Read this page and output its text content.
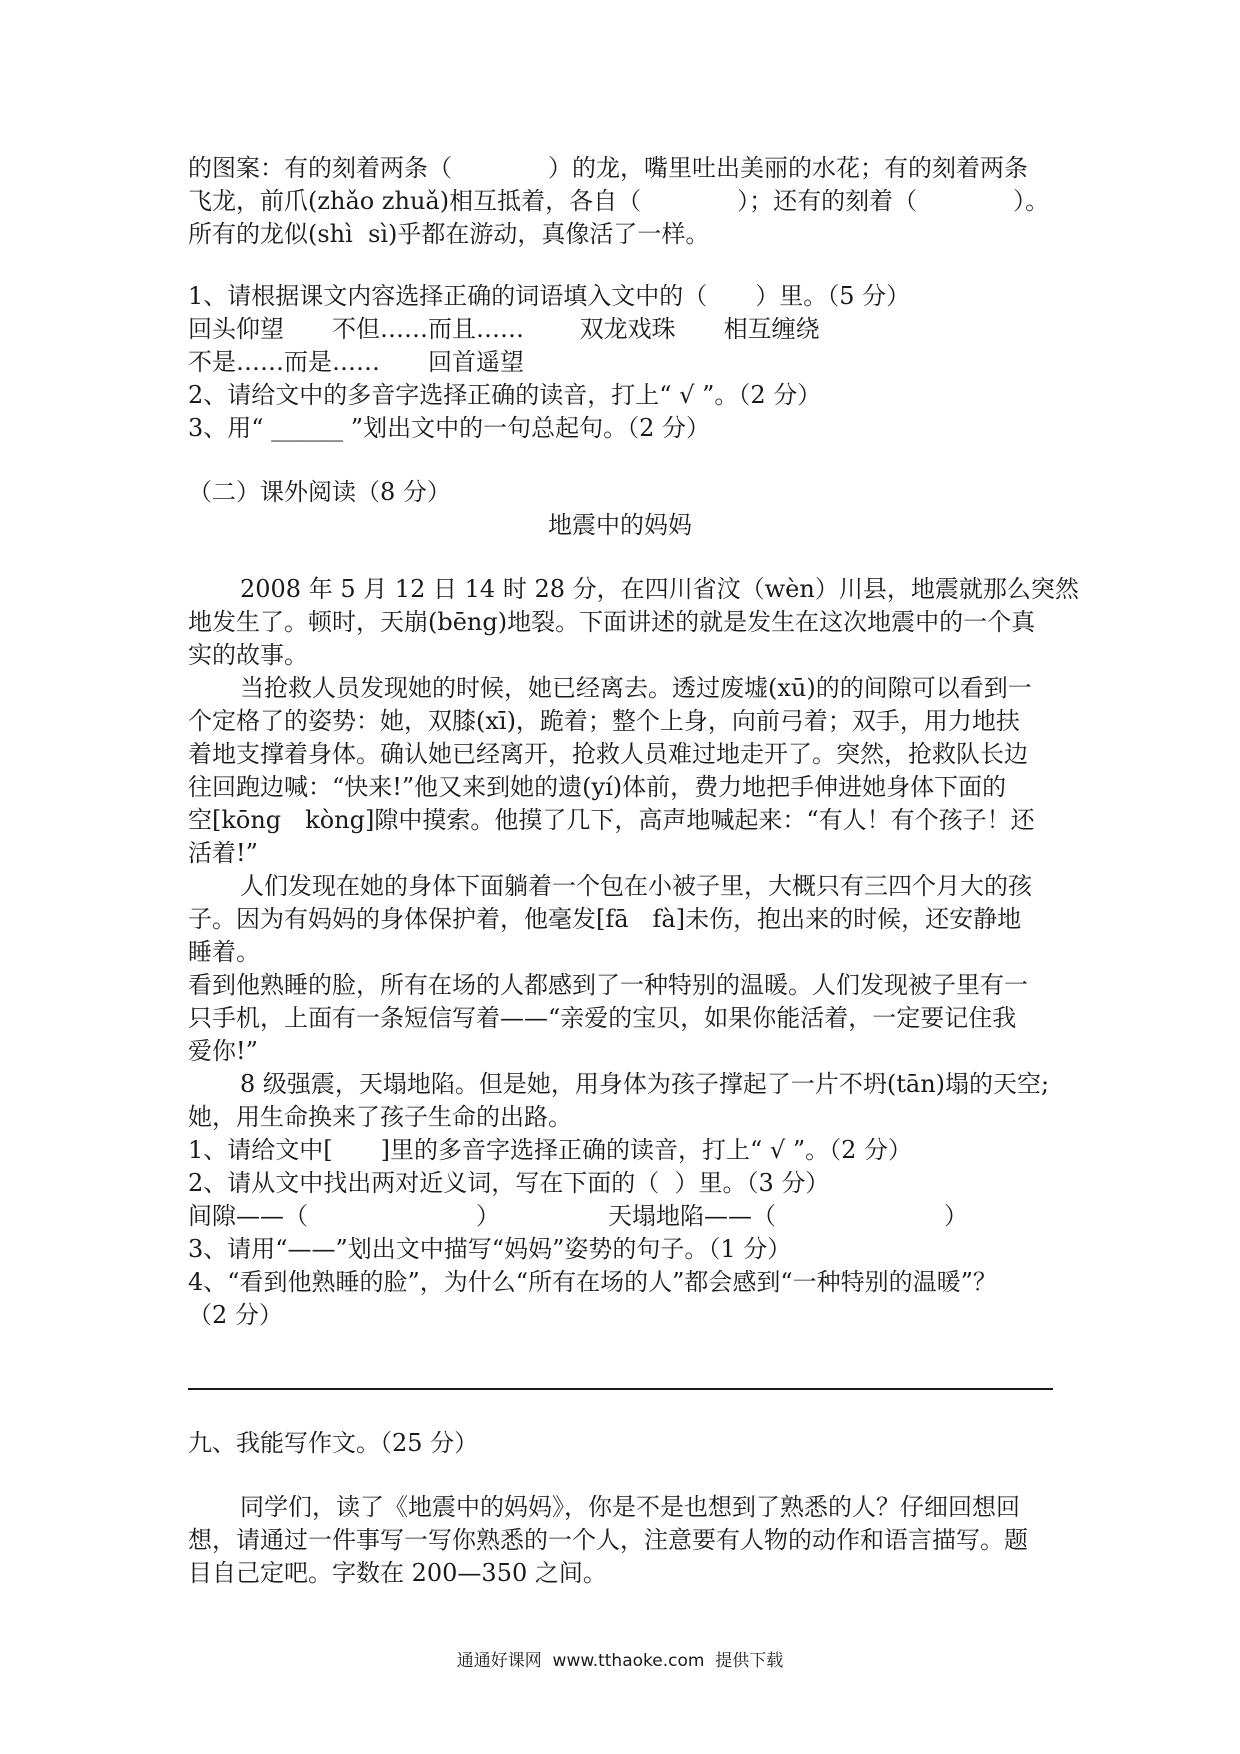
的图案：有的刻着两条（　　　　）的龙，嘴里吐出美丽的水花；有的刻着两条
飞龙，前爪(zhǎo zhuǎ)相互抵着，各自（　　　　）；还有的刻着（　　　　）。
所有的龙似(shì  sì)乎都在游动，真像活了一样。
1、请根据课文内容选择正确的词语填入文中的（　　）里。（5 分）
回头仰望　　不但……而且……　　 双龙戏珠　　相互缠绕
不是……而是……　　回首遥望
2、请给文中的多音字选择正确的读音，打上“ √ ”。（2 分）
3、用“ ______ ”划出文中的一句总起句。（2 分）
（二）课外阅读（8 分）
地震中的妈妈
2008 年 5 月 12 日 14 时 28 分，在四川省汶（wèn）川县，地震就那么突然
地发生了。顿时，天崩(bēng)地裂。下面讲述的就是发生在这次地震中的一个真
实的故事。
当抢救人员发现她的时候，她已经离去。透过废墟(xū)的的间隙可以看到一
个定格了的姿势：她，双膝(xī)，跪着；整个上身，向前弓着；双手，用力地扶
着地支撑着身体。确认她已经离开，抢救人员难过地走开了。突然，抢救队长边
往回跑边喊：“快来!”他又来到她的遗(yí)体前，费力地把手伸进她身体下面的
空[kōng　kòng]隙中摸索。他摸了几下，高声地喊起来：“有人！有个孩子！还
活着!”
人们发现在她的身体下面躺着一个包在小被子里，大概只有三四个月大的孩
子。因为有妈妈的身体保护着，他毫发[fā　fà]未伤，抱出来的时候，还安静地
睡着。
看到他熟睡的脸，所有在场的人都感到了一种特别的温暖。人们发现被子里有一
只手机，上面有一条短信写着——“亲爱的宝贝，如果你能活着，一定要记住我
爱你!”
8 级强震，天塌地陷。但是她，用身体为孩子撑起了一片不坍(tān)塌的天空;
她，用生命换来了孩子生命的出路。
1、请给文中[　　]里的多音字选择正确的读音，打上“ √ ”。（2 分）
2、请从文中找出两对近义词，写在下面的（  ）里。（3 分）
间隙——（　　　　　　　）　　　　　天塌地陷——（　　　　　　　）
3、请用“——”划出文中描写“妈妈”姿势的句子。（1 分）
4、“看到他熟睡的脸”，为什么“所有在场的人”都会感到“一种特别的温暖”？
（2 分）
九、我能写作文。（25 分）
同学们，读了《地震中的妈妈》，你是不是也想到了熟悉的人？仔细回想回
想，请通过一件事写一写你熟悉的一个人，注意要有人物的动作和语言描写。题
目自己定吧。字数在 200—350 之间。
通通好课网  www.tthaoke.com  提供下载
